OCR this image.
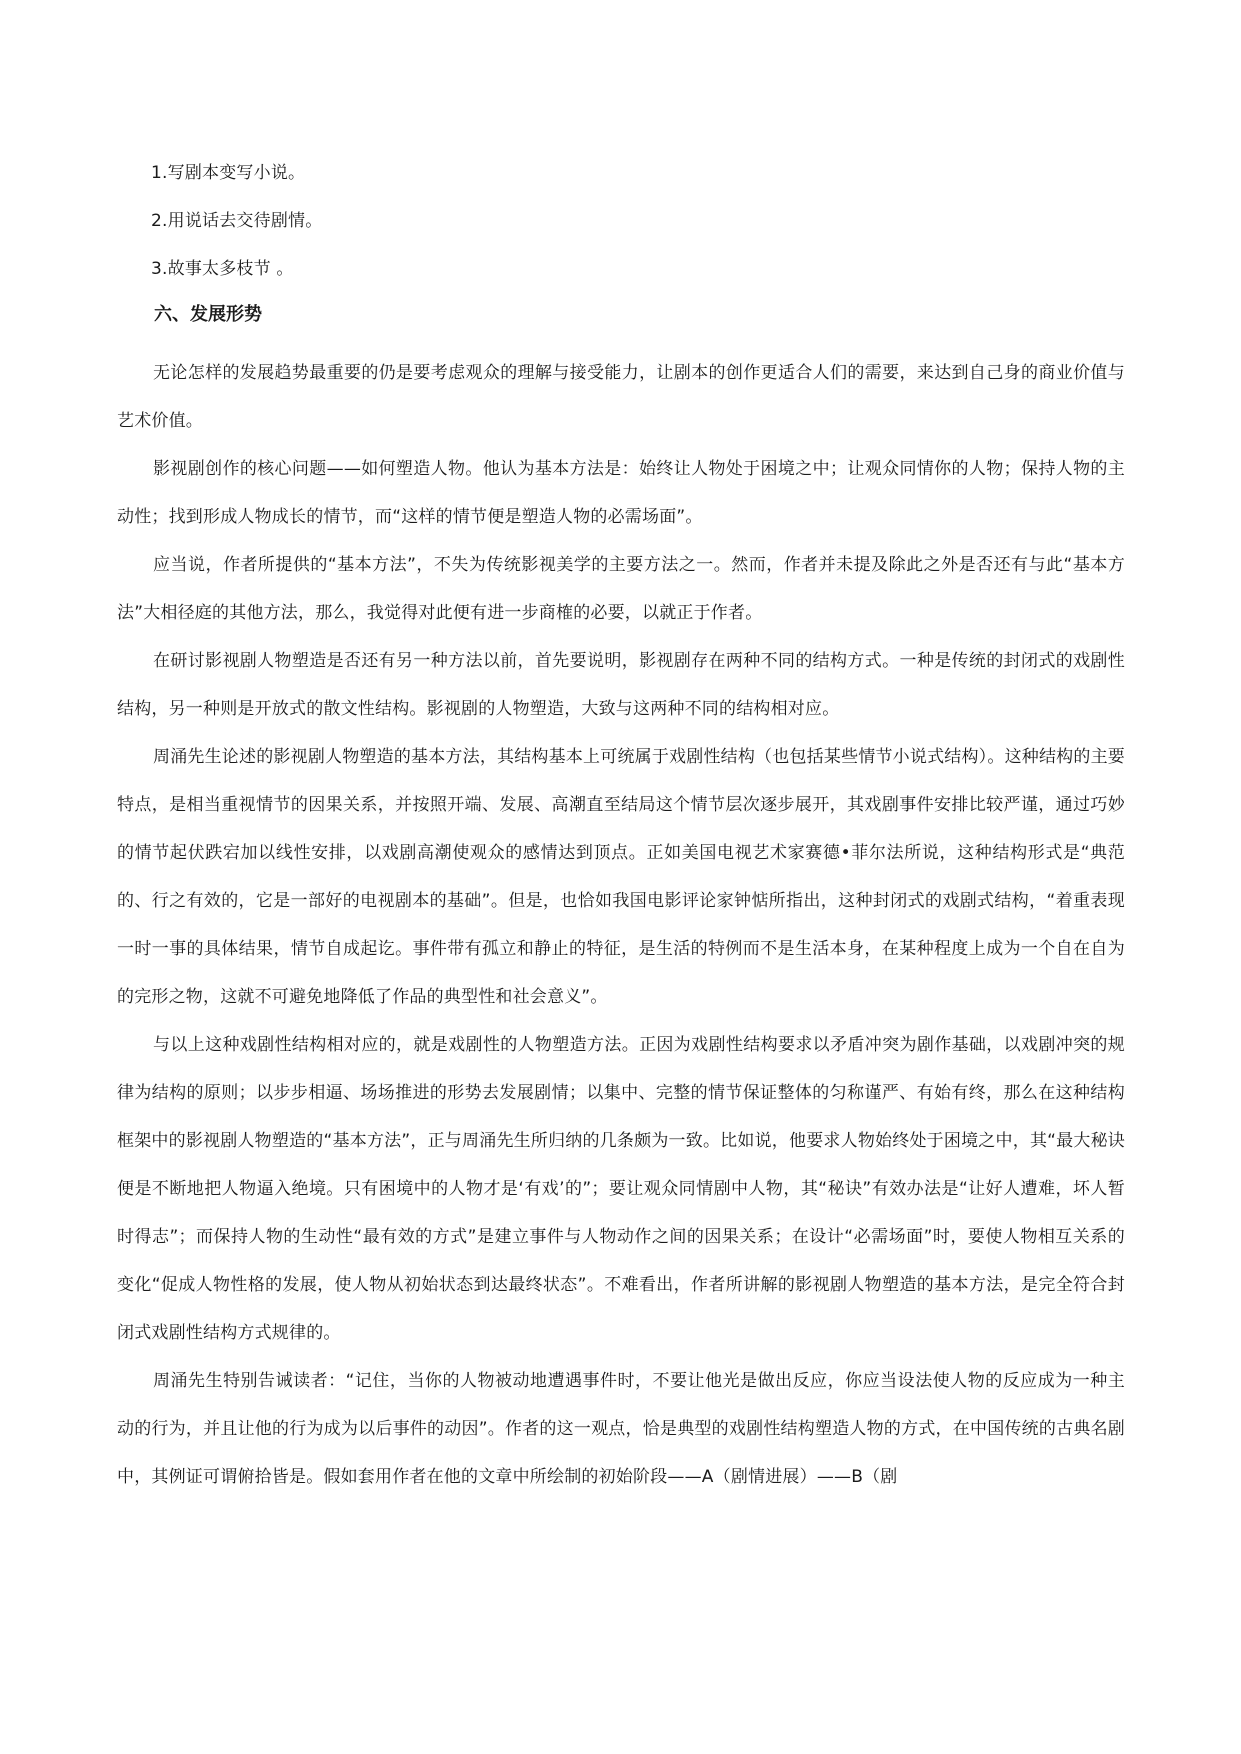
1.写剧本变写小说。
2.用说话去交待剧情。
3.故事太多枝节 。
六、发展形势

无论怎样的发展趋势最重要的仍是要考虑观众的理解与接受能力，让剧本的创作更适合人们的需要，来达到自己身的商业价值与艺术价值。

影视剧创作的核心问题——如何塑造人物。他认为基本方法是：始终让人物处于困境之中；让观众同情你的人物；保持人物的主动性；找到形成人物成长的情节，而“这样的情节便是塑造人物的必需场面”。

应当说，作者所提供的“基本方法”，不失为传统影视美学的主要方法之一。然而，作者并未提及除此之外是否还有与此“基本方法”大相径庭的其他方法，那么，我觉得对此便有进一步商榷的必要，以就正于作者。

在研讨影视剧人物塑造是否还有另一种方法以前，首先要说明，影视剧存在两种不同的结构方式。一种是传统的封闭式的戏剧性结构，另一种则是开放式的散文性结构。影视剧的人物塑造，大致与这两种不同的结构相对应。

周涌先生论述的影视剧人物塑造的基本方法，其结构基本上可统属于戏剧性结构（也包括某些情节小说式结构）。这种结构的主要特点，是相当重视情节的因果关系，并按照开端、发展、高潮直至结局这个情节层次逐步展开，其戏剧事件安排比较严谨，通过巧妙的情节起伏跌宕加以线性安排，以戏剧高潮使观众的感情达到顶点。正如美国电视艺术家赛德•菲尔法所说，这种结构形式是“典范的、行之有效的，它是一部好的电视剧本的基础”。但是，也恰如我国电影评论家钟惦所指出，这种封闭式的戏剧式结构，“着重表现一时一事的具体结果，情节自成起讫。事件带有孤立和静止的特征，是生活的特例而不是生活本身，在某种程度上成为一个自在自为的完形之物，这就不可避免地降低了作品的典型性和社会意义”。

与以上这种戏剧性结构相对应的，就是戏剧性的人物塑造方法。正因为戏剧性结构要求以矛盾冲突为剧作基础，以戏剧冲突的规律为结构的原则；以步步相逼、场场推进的形势去发展剧情；以集中、完整的情节保证整体的匀称谨严、有始有终，那么在这种结构框架中的影视剧人物塑造的“基本方法”，正与周涌先生所归纳的几条颇为一致。比如说，他要求人物始终处于困境之中，其“最大秘诀便是不断地把人物逼入绝境。只有困境中的人物才是‘有戏’的”；要让观众同情剧中人物，其“秘诀”有效办法是“让好人遭难，坏人暂时得志”；而保持人物的生动性“最有效的方式”是建立事件与人物动作之间的因果关系；在设计“必需场面”时，要使人物相互关系的变化“促成人物性格的发展，使人物从初始状态到达最终状态”。不难看出，作者所讲解的影视剧人物塑造的基本方法，是完全符合封闭式戏剧性结构方式规律的。

周涌先生特别告诫读者：“记住，当你的人物被动地遭遇事件时，不要让他光是做出反应，你应当设法使人物的反应成为一种主动的行为，并且让他的行为成为以后事件的动因”。作者的这一观点，恰是典型的戏剧性结构塑造人物的方式，在中国传统的古典名剧中，其例证可谓俯拾皆是。假如套用作者在他的文章中所绘制的初始阶段——A（剧情进展）——B（剧
